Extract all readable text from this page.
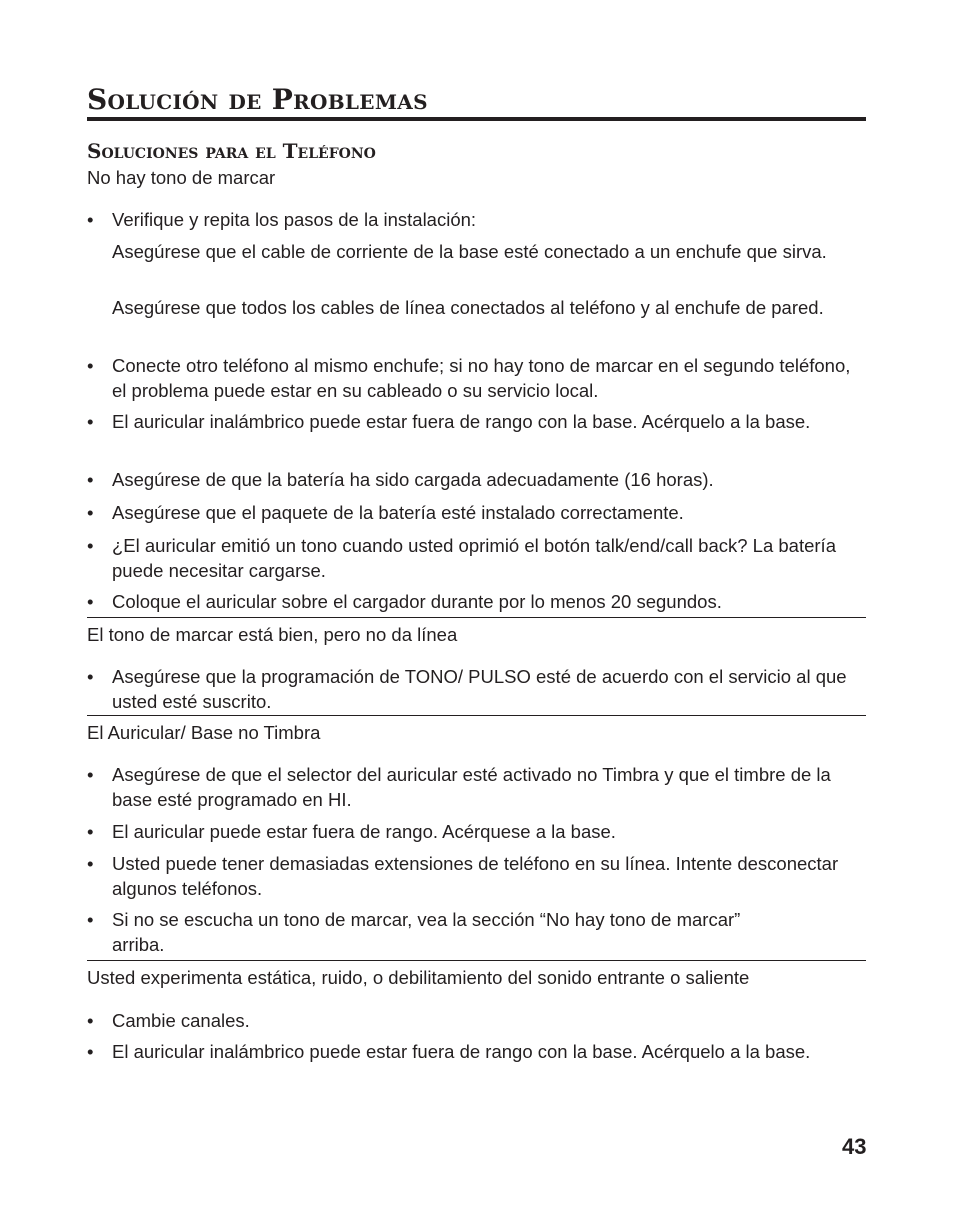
Solución de Problemas
Soluciones para el Teléfono
No hay tono de marcar
•	Verifique y repita los pasos de la instalación:
Asegúrese que el cable de corriente de la base esté conectado a un enchufe que sirva.
Asegúrese que todos los cables de línea conectados al teléfono y al enchufe de pared.
•	Conecte otro teléfono al mismo enchufe; si no hay tono de marcar en el segundo teléfono, el problema puede estar en su cableado o su servicio local.
•	El auricular inalámbrico puede estar fuera de rango con la base. Acérquelo a la base.
•	Asegúrese de que la batería ha sido cargada adecuadamente (16 horas).
•	Asegúrese que el paquete de la batería esté instalado correctamente.
•	¿El auricular emitió un tono cuando usted oprimió el botón talk/end/call back? La batería puede necesitar cargarse.
•	Coloque el auricular sobre el cargador durante por lo menos 20 segundos.
El tono de marcar está bien, pero no da línea
•	Asegúrese que la programación de TONO/ PULSO esté de acuerdo con el servicio al que usted esté suscrito.
El Auricular/ Base no Timbra
•	Asegúrese de que el selector del auricular esté activado no Timbra y que el timbre de la base esté programado en HI.
•	El auricular puede estar fuera de rango. Acérquese a la base.
•	Usted puede tener demasiadas extensiones de teléfono en su línea. Intente desconectar algunos teléfonos.
•	Si no se escucha un tono de marcar, vea la sección “No hay tono de marcar” arriba.
Usted experimenta estática, ruido, o debilitamiento del sonido entrante o saliente
•	Cambie canales.
•	El auricular inalámbrico puede estar fuera de rango con la base. Acérquelo a la base.
43
